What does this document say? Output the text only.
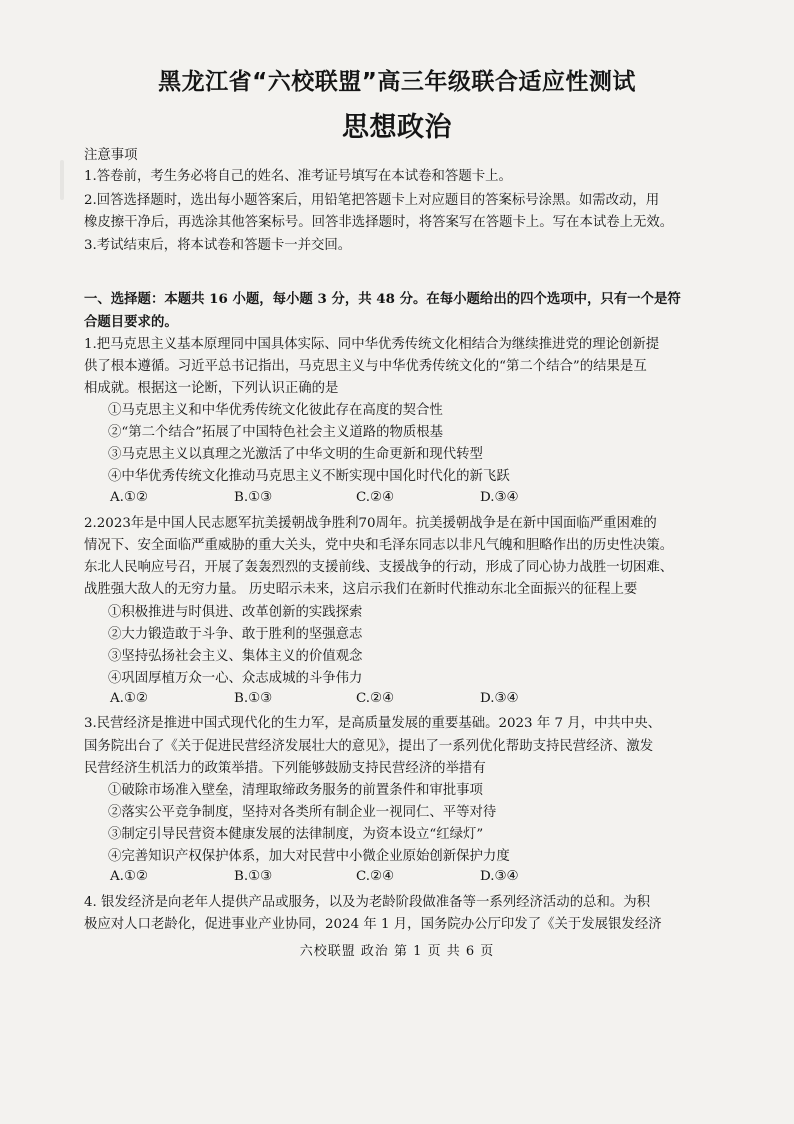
黑龙江省“六校联盟”高三年级联合适应性测试
思想政治
注意事项
1.答卷前，考生务必将自己的姓名、准考证号填写在本试卷和答题卡上。
2.回答选择题时，选出每小题答案后，用铅笔把答题卡上对应题目的答案标号涂黑。如需改动，用
橡皮擦干净后，再选涂其他答案标号。回答非选择题时，将答案写在答题卡上。写在本试卷上无效。
3.考试结束后，将本试卷和答题卡一并交回。
一、选择题：本题共 16 小题，每小题 3 分，共 48 分。在每小题给出的四个选项中，只有一个是符
合题目要求的。
1.把马克思主义基本原理同中国具体实际、同中华优秀传统文化相结合为继续推进党的理论创新提
供了根本遵循。习近平总书记指出，马克思主义与中华优秀传统文化的“第二个结合”的结果是互
相成就。根据这一论断，下列认识正确的是
①马克思主义和中华优秀传统文化彼此存在高度的契合性
②“第二个结合”拓展了中国特色社会主义道路的物质根基
③马克思主义以真理之光激活了中华文明的生命更新和现代转型
④中华优秀传统文化推动马克思主义不断实现中国化时代化的新飞跃
A.①②	B.①③	C.②④	D.③④
2.2023年是中国人民志愿军抗美援朝战争胜利70周年。抗美援朝战争是在新中国面临严重困难的
情况下、安全面临严重威胁的重大关头，党中央和毛泽东同志以非凡气魄和胆略作出的历史性决策。
东北人民响应号召，开展了轰轰烈烈的支援前线、支援战争的行动，形成了同心协力战胜一切困难、
战胜强大敌人的无穷力量。 历史昭示未来，这启示我们在新时代推动东北全面振兴的征程上要
①积极推进与时俱进、改革创新的实践探索
②大力锻造敢于斗争、敢于胜利的坚强意志
③坚持弘扬社会主义、集体主义的价值观念
④巩固厚植万众一心、众志成城的斗争伟力
A.①②	B.①③	C.②④	D.③④
3.民营经济是推进中国式现代化的生力军，是高质量发展的重要基础。2023 年 7 月，中共中央、
国务院出台了《关于促进民营经济发展壮大的意见》，提出了一系列优化帮助支持民营经济、激发
民营经济生机活力的政策举措。下列能够鼓励支持民营经济的举措有
①破除市场准入壁垒，清理取缔政务服务的前置条件和审批事项
②落实公平竞争制度，坚持对各类所有制企业一视同仁、平等对待
③制定引导民营资本健康发展的法律制度，为资本设立“红绿灯”
④完善知识产权保护体系，加大对民营中小微企业原始创新保护力度
A.①②	B.①③	C.②④	D.③④
4. 银发经济是向老年人提供产品或服务，以及为老龄阶段做准备等一系列经济活动的总和。为积
极应对人口老龄化，促进事业产业协同，2024 年 1 月，国务院办公厅印发了《关于发展银发经济
六校联盟 政治 第 1 页 共 6 页
